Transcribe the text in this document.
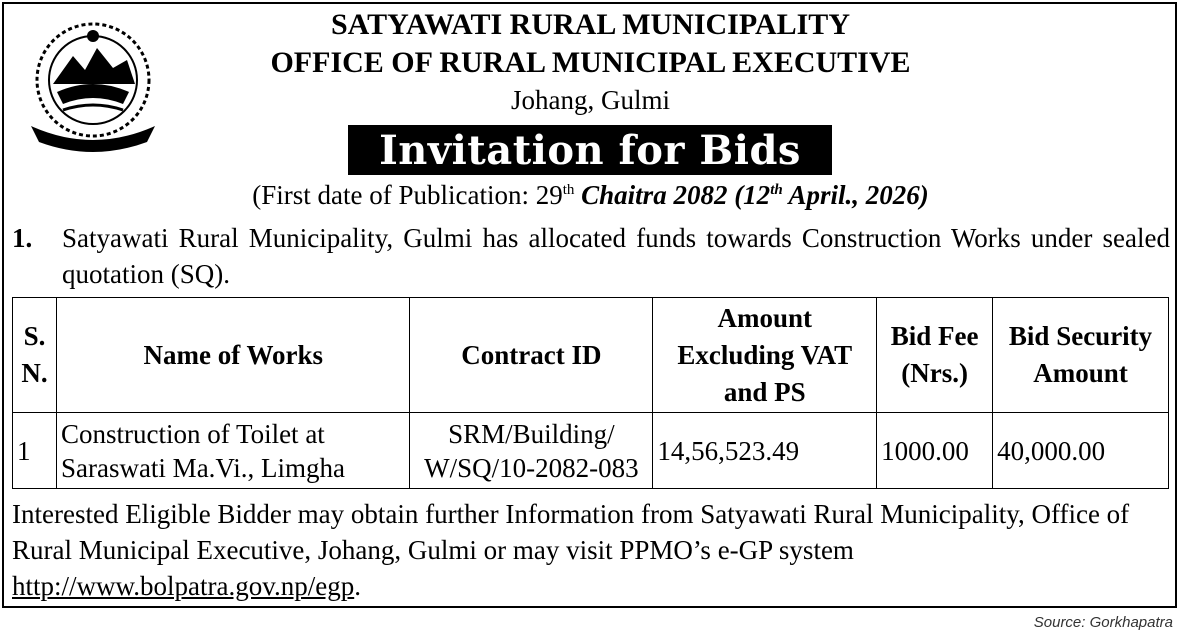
SATYAWATI RURAL MUNICIPALITY
OFFICE OF RURAL MUNICIPAL EXECUTIVE
Johang, Gulmi
Invitation for Bids
(First date of Publication: 29th Chaitra 2082 (12th April., 2026)
1. Satyawati Rural Municipality, Gulmi has allocated funds towards Construction Works under sealed quotation (SQ).
S. N.	Name of Works	Contract ID	Amount Excluding VAT and PS	Bid Fee (Nrs.)	Bid Security Amount
1	Construction of Toilet at Saraswati Ma.Vi., Limgha	SRM/Building/ W/SQ/10-2082-083	14,56,523.49	1000.00	40,000.00
Interested Eligible Bidder may obtain further Information from Satyawati Rural Municipality, Office of Rural Municipal Executive, Johang, Gulmi or may visit PPMO’s e-GP system http://www.bolpatra.gov.np/egp.
Source: Gorkhapatra
